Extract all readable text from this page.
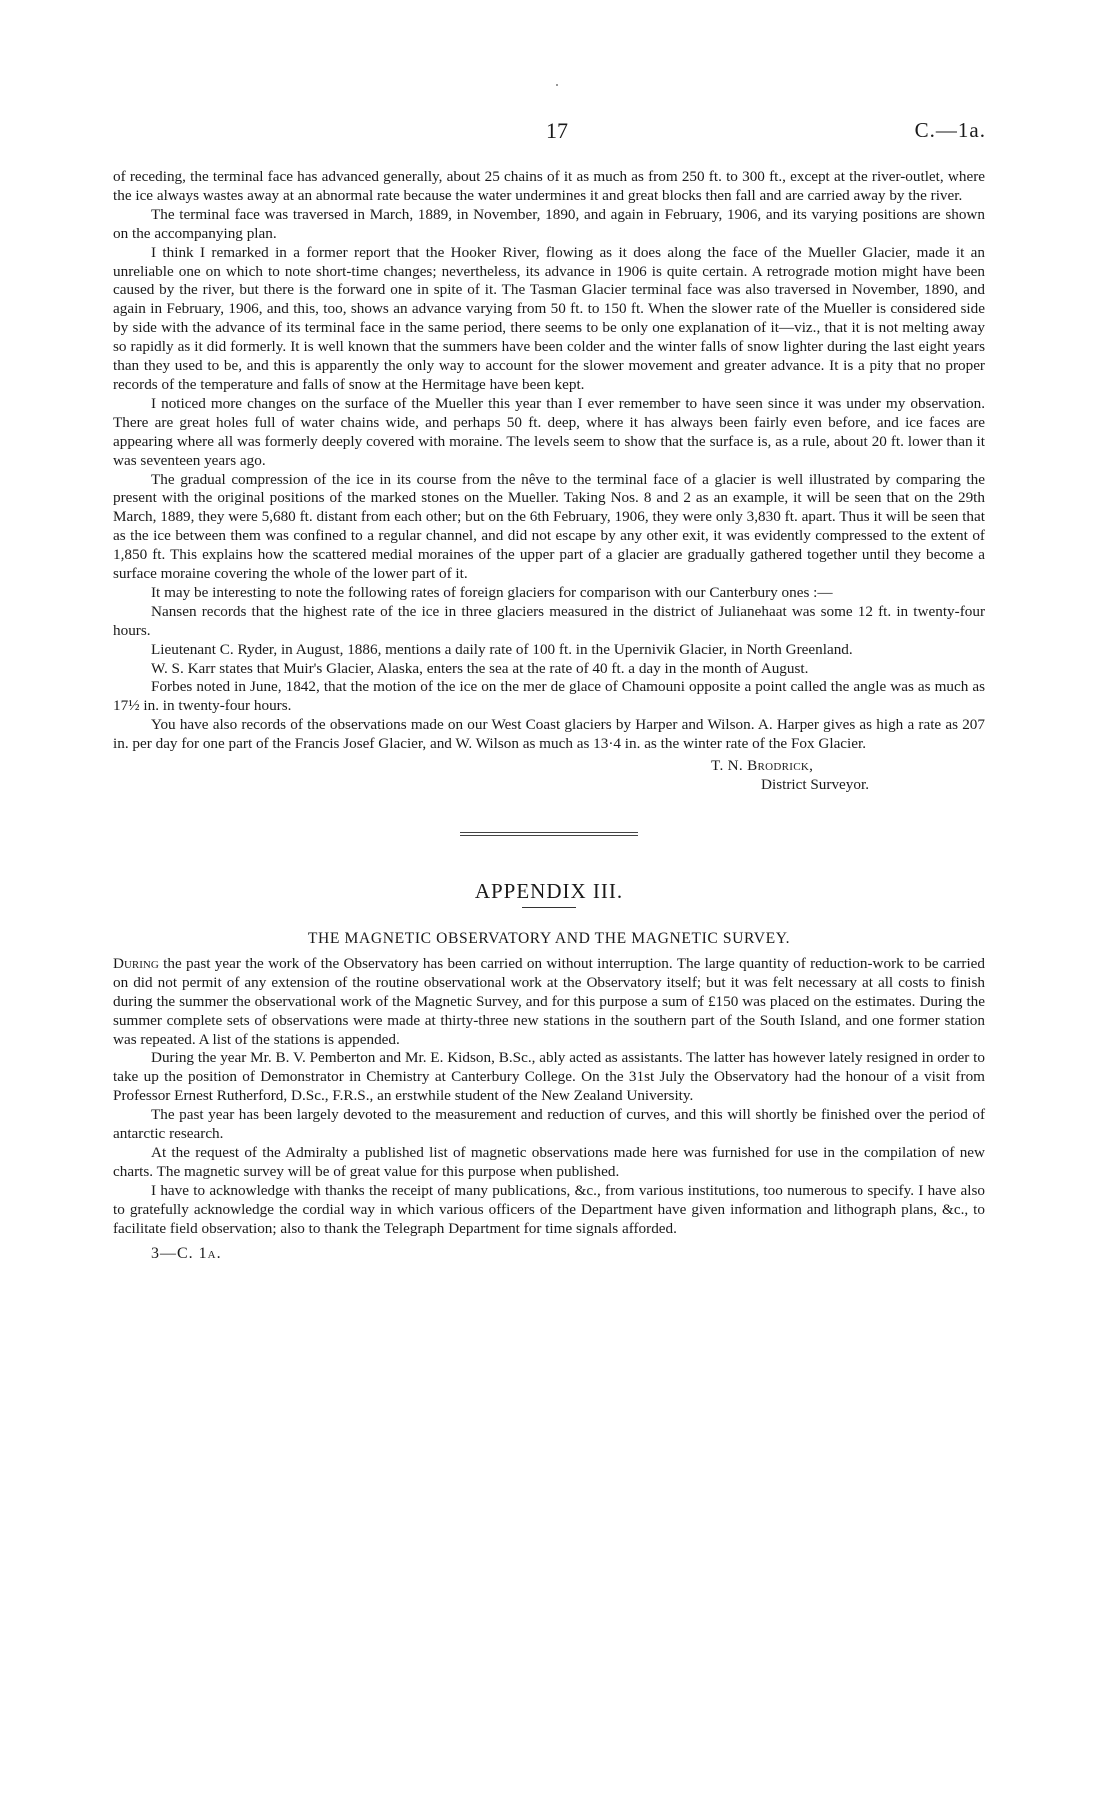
17	C.—1a.

of receding, the terminal face has advanced generally, about 25 chains of it as much as from 250 ft. to 300 ft., except at the river-outlet, where the ice always wastes away at an abnormal rate because the water undermines it and great blocks then fall and are carried away by the river.

The terminal face was traversed in March, 1889, in November, 1890, and again in February, 1906, and its varying positions are shown on the accompanying plan.

I think I remarked in a former report that the Hooker River, flowing as it does along the face of the Mueller Glacier, made it an unreliable one on which to note short-time changes; nevertheless, its advance in 1906 is quite certain. A retrograde motion might have been caused by the river, but there is the forward one in spite of it. The Tasman Glacier terminal face was also traversed in November, 1890, and again in February, 1906, and this, too, shows an advance varying from 50 ft. to 150 ft. When the slower rate of the Mueller is considered side by side with the advance of its terminal face in the same period, there seems to be only one explanation of it—viz., that it is not melting away so rapidly as it did formerly. It is well known that the summers have been colder and the winter falls of snow lighter during the last eight years than they used to be, and this is apparently the only way to account for the slower movement and greater advance. It is a pity that no proper records of the temperature and falls of snow at the Hermitage have been kept.

I noticed more changes on the surface of the Mueller this year than I ever remember to have seen since it was under my observation. There are great holes full of water chains wide, and perhaps 50 ft. deep, where it has always been fairly even before, and ice faces are appearing where all was formerly deeply covered with moraine. The levels seem to show that the surface is, as a rule, about 20 ft. lower than it was seventeen years ago.

The gradual compression of the ice in its course from the nêve to the terminal face of a glacier is well illustrated by comparing the present with the original positions of the marked stones on the Mueller. Taking Nos. 8 and 2 as an example, it will be seen that on the 29th March, 1889, they were 5,680 ft. distant from each other; but on the 6th February, 1906, they were only 3,830 ft. apart. Thus it will be seen that as the ice between them was confined to a regular channel, and did not escape by any other exit, it was evidently compressed to the extent of 1,850 ft. This explains how the scattered medial moraines of the upper part of a glacier are gradually gathered together until they become a surface moraine covering the whole of the lower part of it.

It may be interesting to note the following rates of foreign glaciers for comparison with our Canterbury ones :—

Nansen records that the highest rate of the ice in three glaciers measured in the district of Julianehaat was some 12 ft. in twenty-four hours.

Lieutenant C. Ryder, in August, 1886, mentions a daily rate of 100 ft. in the Upernivik Glacier, in North Greenland.

W. S. Karr states that Muir's Glacier, Alaska, enters the sea at the rate of 40 ft. a day in the month of August.

Forbes noted in June, 1842, that the motion of the ice on the mer de glace of Chamouni opposite a point called the angle was as much as 17½ in. in twenty-four hours.

You have also records of the observations made on our West Coast glaciers by Harper and Wilson. A. Harper gives as high a rate as 207 in. per day for one part of the Francis Josef Glacier, and W. Wilson as much as 13·4 in. as the winter rate of the Fox Glacier.

T. N. Brodrick,
District Surveyor.
APPENDIX III.
THE MAGNETIC OBSERVATORY AND THE MAGNETIC SURVEY.

During the past year the work of the Observatory has been carried on without interruption. The large quantity of reduction-work to be carried on did not permit of any extension of the routine observational work at the Observatory itself; but it was felt necessary at all costs to finish during the summer the observational work of the Magnetic Survey, and for this purpose a sum of £150 was placed on the estimates. During the summer complete sets of observations were made at thirty-three new stations in the southern part of the South Island, and one former station was repeated. A list of the stations is appended.

During the year Mr. B. V. Pemberton and Mr. E. Kidson, B.Sc., ably acted as assistants. The latter has however lately resigned in order to take up the position of Demonstrator in Chemistry at Canterbury College. On the 31st July the Observatory had the honour of a visit from Professor Ernest Rutherford, D.Sc., F.R.S., an erstwhile student of the New Zealand University.

The past year has been largely devoted to the measurement and reduction of curves, and this will shortly be finished over the period of antarctic research.

At the request of the Admiralty a published list of magnetic observations made here was furnished for use in the compilation of new charts. The magnetic survey will be of great value for this purpose when published.

I have to acknowledge with thanks the receipt of many publications, &c., from various institutions, too numerous to specify. I have also to gratefully acknowledge the cordial way in which various officers of the Department have given information and lithograph plans, &c., to facilitate field observation; also to thank the Telegraph Department for time signals afforded.

3—C. 1a.
